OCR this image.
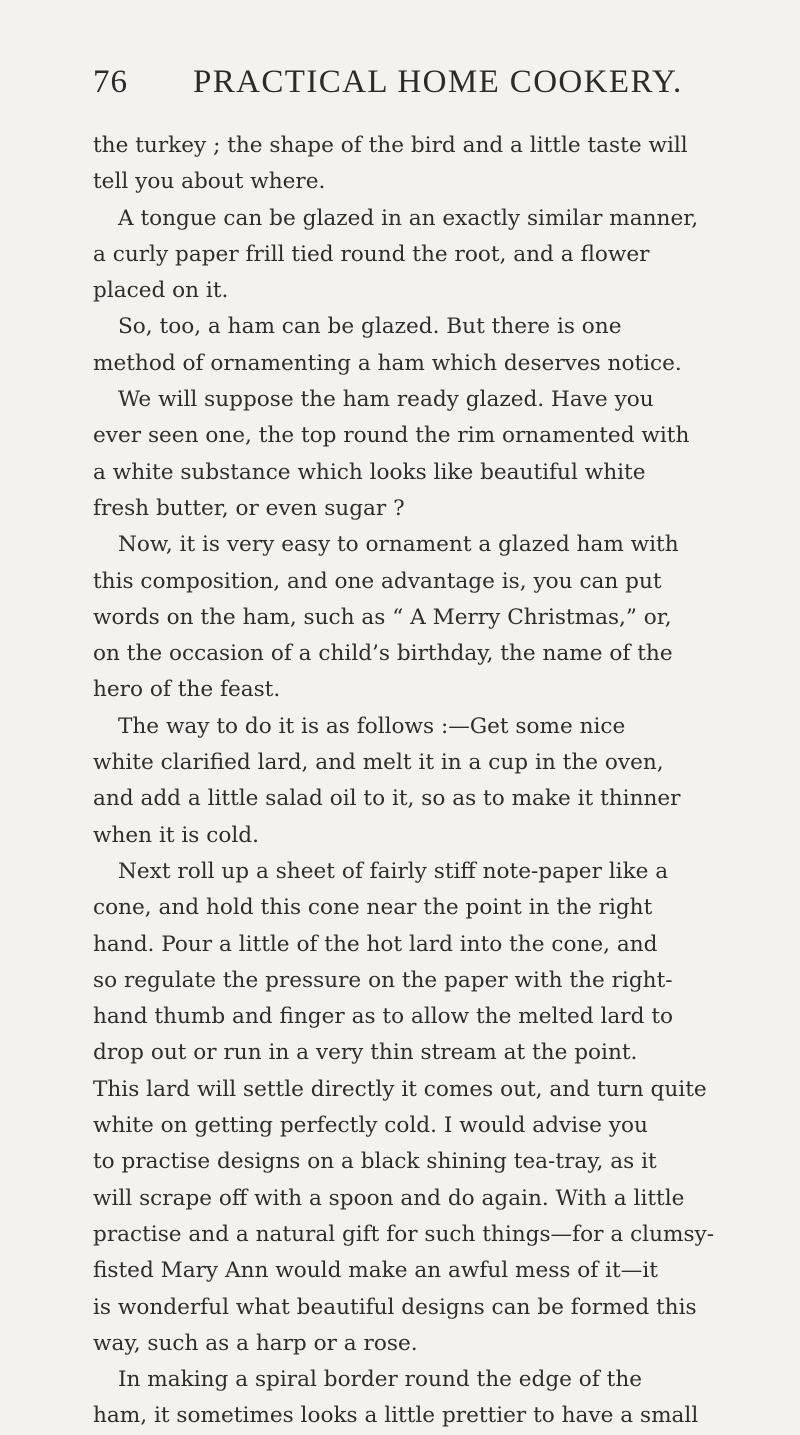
76	PRACTICAL HOME COOKERY.
the turkey ; the shape of the bird and a little taste will
tell you about where.
A tongue can be glazed in an exactly similar manner,
a curly paper frill tied round the root, and a flower
placed on it.
So, too, a ham can be glazed. But there is one
method of ornamenting a ham which deserves notice.
We will suppose the ham ready glazed. Have you
ever seen one, the top round the rim ornamented with
a white substance which looks like beautiful white
fresh butter, or even sugar ?
Now, it is very easy to ornament a glazed ham with
this composition, and one advantage is, you can put
words on the ham, such as “ A Merry Christmas,” or,
on the occasion of a child’s birthday, the name of the
hero of the feast.
The way to do it is as follows :—Get some nice
white clarified lard, and melt it in a cup in the oven,
and add a little salad oil to it, so as to make it thinner
when it is cold.
Next roll up a sheet of fairly stiff note-paper like a
cone, and hold this cone near the point in the right
hand. Pour a little of the hot lard into the cone, and
so regulate the pressure on the paper with the right-
hand thumb and finger as to allow the melted lard to
drop out or run in a very thin stream at the point.
This lard will settle directly it comes out, and turn quite
white on getting perfectly cold. I would advise you
to practise designs on a black shining tea-tray, as it
will scrape off with a spoon and do again. With a little
practise and a natural gift for such things—for a clumsy-
fisted Mary Ann would make an awful mess of it—it
is wonderful what beautiful designs can be formed this
way, such as a harp or a rose.
In making a spiral border round the edge of the
ham, it sometimes looks a little prettier to have a small
